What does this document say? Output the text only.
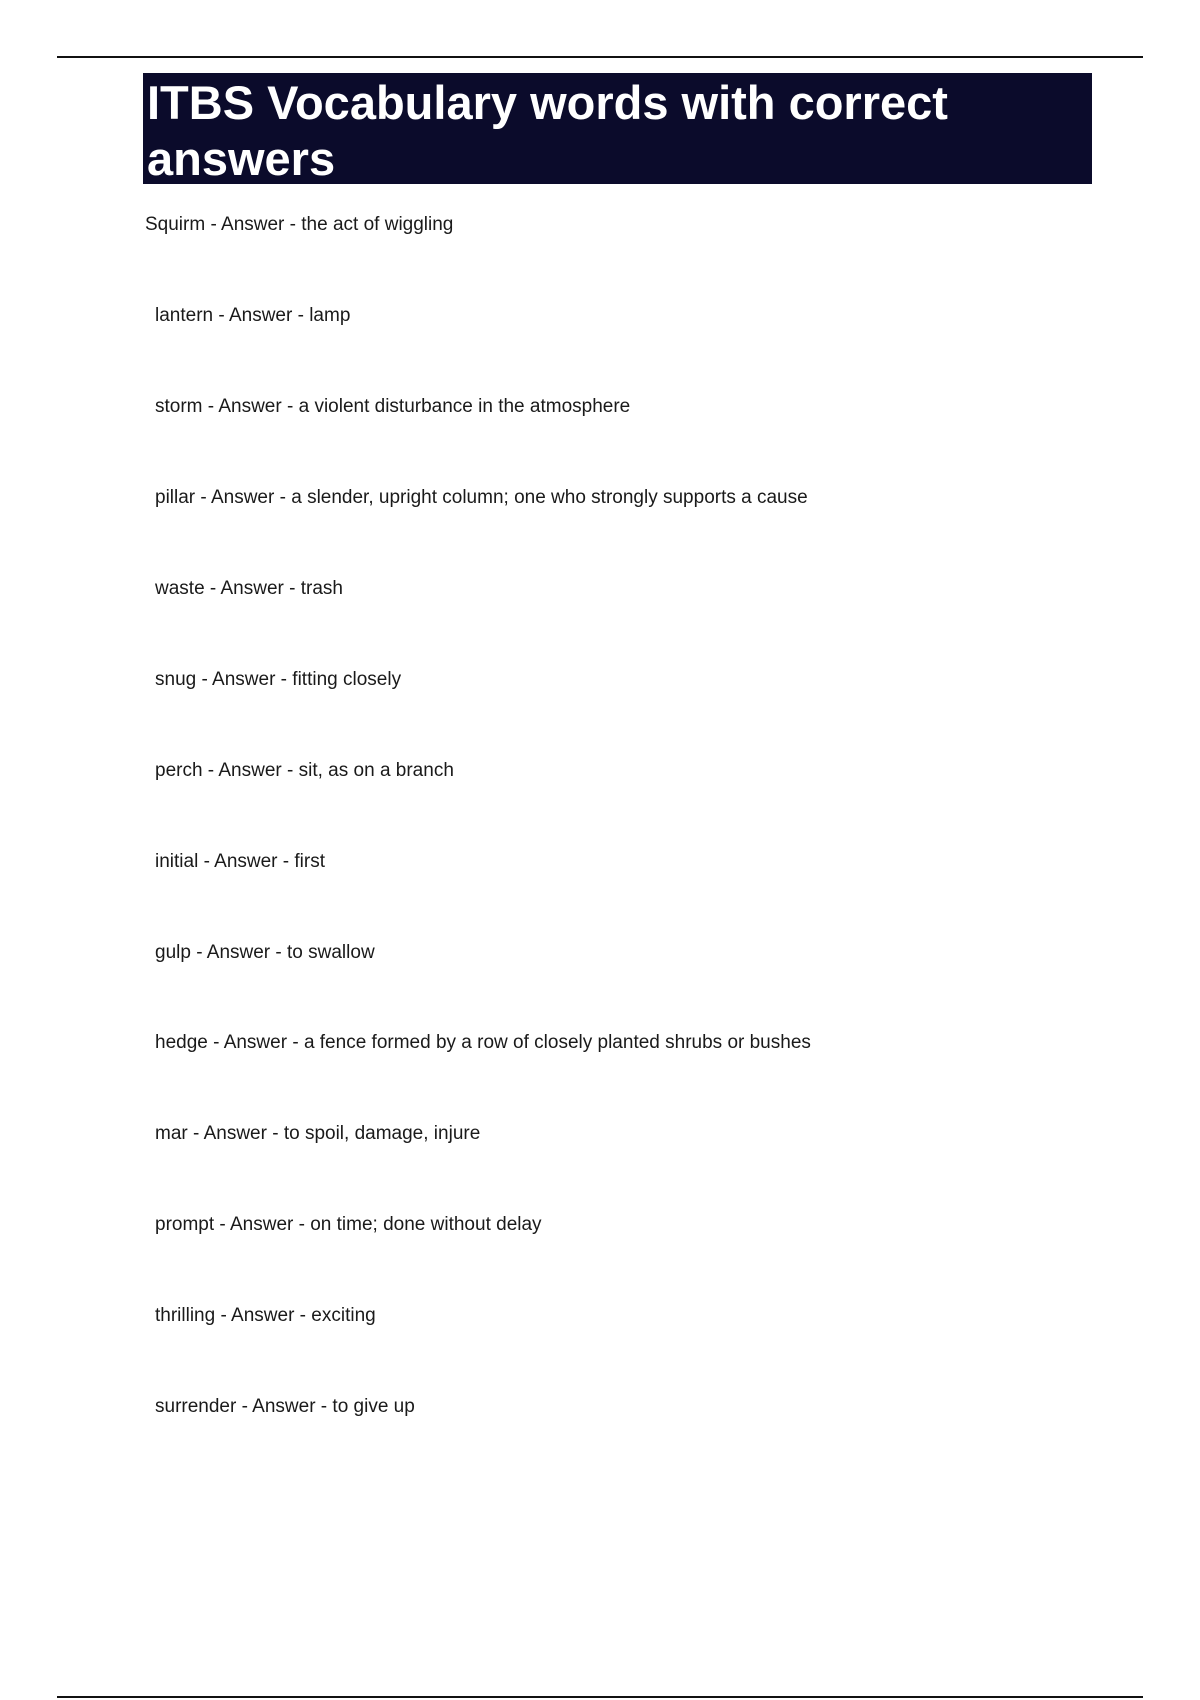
ITBS Vocabulary words with correct answers
Squirm - Answer - the act of wiggling
lantern - Answer - lamp
storm - Answer - a violent disturbance in the atmosphere
pillar - Answer - a slender, upright column; one who strongly supports a cause
waste - Answer - trash
snug - Answer - fitting closely
perch - Answer - sit, as on a branch
initial - Answer - first
gulp - Answer - to swallow
hedge - Answer - a fence formed by a row of closely planted shrubs or bushes
mar - Answer - to spoil, damage, injure
prompt - Answer - on time; done without delay
thrilling - Answer - exciting
surrender - Answer - to give up
